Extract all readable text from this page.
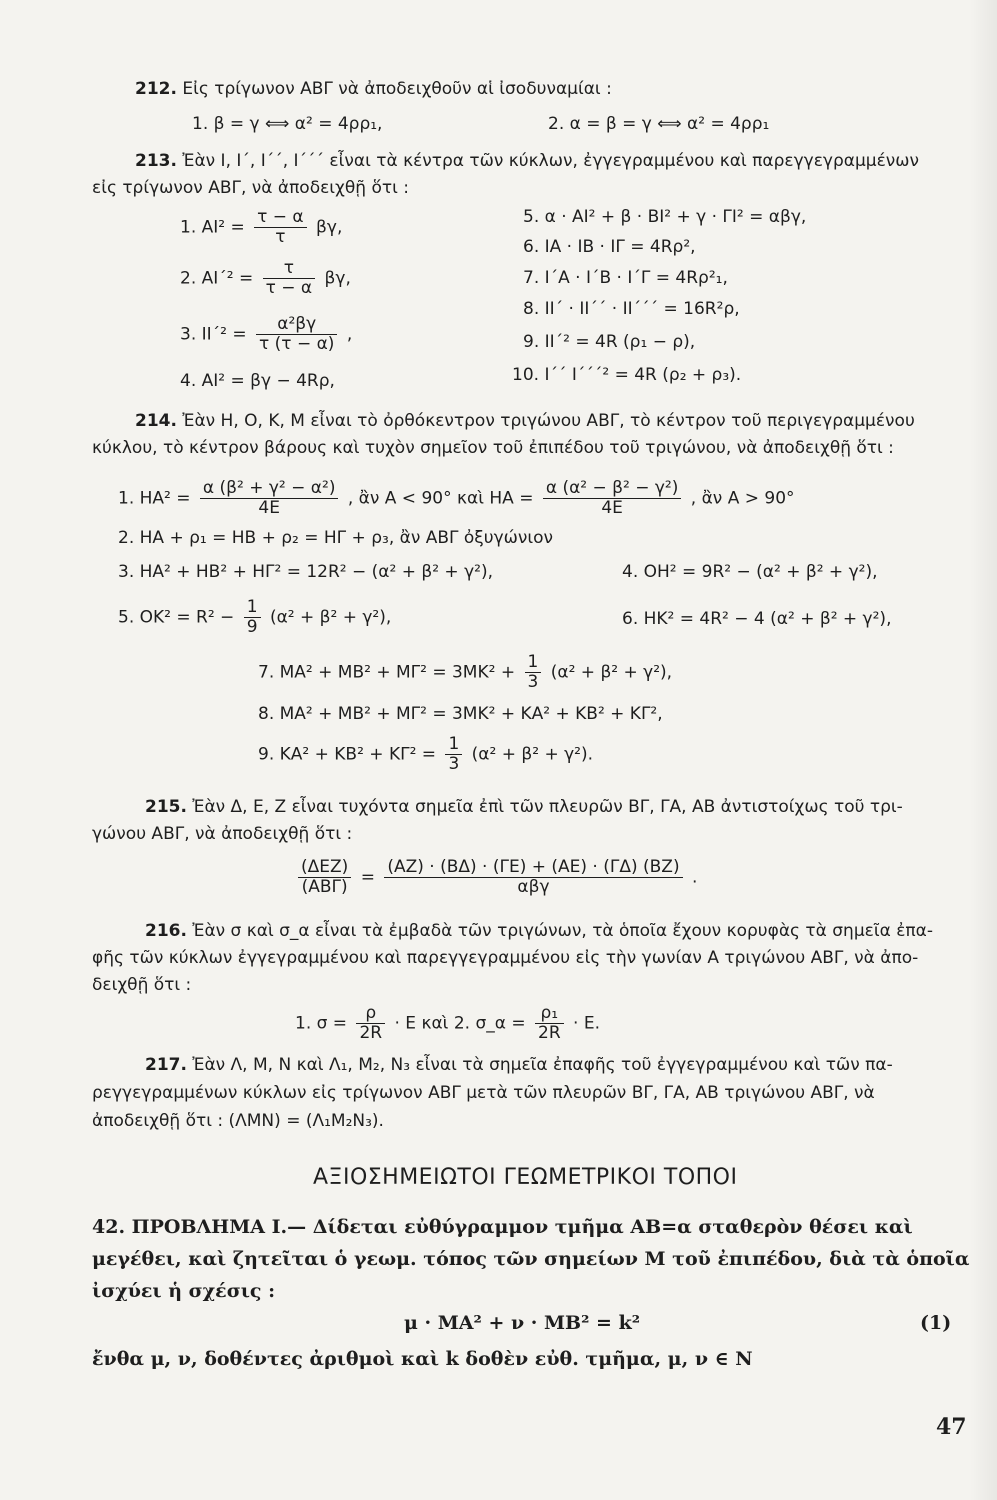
212. Εἰς τρίγωνον ΑΒΓ νὰ ἀποδειχθοῦν αἱ ἰσοδυναμίαι :
1. β = γ ⟺ α² = 4ρρ₁,	2. α = β = γ ⟺ α² = 4ρρ₁
213. Ἐὰν Ι, Ι΄, Ι΄΄, Ι΄΄΄ εἶναι τὰ κέντρα τῶν κύκλων, ἐγγεγραμμένου καὶ παρεγγεγραμμένων
εἰς τρίγωνον ΑΒΓ, νὰ ἀποδειχθῇ ὅτι :
1. $AI^2 = \frac{\tau - \alpha}{\tau} \beta\gamma$,
2. $AI΄^2 = \frac{\tau}{\tau - \alpha} \beta\gamma$,
3. $II΄^2 = \frac{\text{α²βγ}}{\tau (\tau - \alpha)}$ ,
4. ΑΙ² = βγ − 4Rρ,
5. α · ΑΙ² + β · ΒΙ² + γ · ΓΙ² = αβγ,
6. ΙΑ · ΙΒ · ΙΓ = 4Rρ²,
7. Ι΄Α · Ι΄Β · Ι΄Γ = 4Rρ²₁,
8. ΙΙ΄ · ΙΙ΄΄ · ΙΙ΄΄΄ = 16R²ρ,
9. ΙΙ΄² = 4R (ρ₁ − ρ),
10. Ι΄΄ Ι΄΄΄² = 4R (ρ₂ + ρ₃).
214. Ἐὰν Η, Ο, Κ, Μ εἶναι τὸ ὀρθόκεντρον τριγώνου ΑΒΓ, τὸ κέντρον τοῦ περιγεγραμμένου
κύκλου, τὸ κέντρον βάρους καὶ τυχὸν σημεῖον τοῦ ἐπιπέδου τοῦ τριγώνου, νὰ ἀποδειχθῇ ὅτι :
1. $HA^2 = \frac{\text{α (β² + γ² − α²)}}{4E}$ , ἂν Α < 90° καὶ $HA = \frac{\text{α (α² − β² − γ²)}}{4E}$ , ἂν Α > 90°
2. ΗΑ + ρ₁ = ΗΒ + ρ₂ = ΗΓ + ρ₃, ἂν ΑΒΓ ὀξυγώνιον
3. ΗΑ² + ΗΒ² + ΗΓ² = 12R² − (α² + β² + γ²),	4. ΟΗ² = 9R² − (α² + β² + γ²),
5. $OK^2 = R^2 - \frac{1}{9} (\alpha^2 + \beta^2 + \gamma^2)$,	6. ΗΚ² = 4R² − 4 (α² + β² + γ²),
7. $MA^2 + MB^2 + M\Gamma^2 = 3MK^2 + \frac{1}{3} (\alpha^2 + \beta^2 + \gamma^2)$,
8. ΜΑ² + ΜΒ² + ΜΓ² = 3ΜΚ² + ΚΑ² + ΚΒ² + ΚΓ²,
9. $KA^2 + KB^2 + K\Gamma^2 = \frac{1}{3} (\alpha^2 + \beta^2 + \gamma^2)$.
215. Ἐὰν Δ, Ε, Ζ εἶναι τυχόντα σημεῖα ἐπὶ τῶν πλευρῶν ΒΓ, ΓΑ, ΑΒ ἀντιστοίχως τοῦ τρι-
γώνου ΑΒΓ, νὰ ἀποδειχθῇ ὅτι :
(ΔΕΖ)
(ΑΒΓ) =
(ΑΖ) · (ΒΔ) · (ΓΕ) + (ΑΕ) · (ΓΔ) (ΒΖ)
αβγ	.
216. Ἐὰν σ καὶ σ_α εἶναι τὰ ἐμβαδὰ τῶν τριγώνων, τὰ ὁποῖα ἔχουν κορυφὰς τὰ σημεῖα ἐπα-
φῆς τῶν κύκλων ἐγγεγραμμένου καὶ παρεγγεγραμμένου εἰς τὴν γωνίαν Α τριγώνου ΑΒΓ, νὰ ἀπο-
δειχθῇ ὅτι :
1. $\sigma = \frac{\rho}{2R} \cdot E$ καὶ 2. σ_α = $\frac{\text{ρ₁}}{2R} \cdot E$.
217. Ἐὰν Λ, Μ, Ν καὶ Λ₁, Μ₂, Ν₃ εἶναι τὰ σημεῖα ἐπαφῆς τοῦ ἐγγεγραμμένου καὶ τῶν πα-
ρεγγεγραμμένων κύκλων εἰς τρίγωνον ΑΒΓ μετὰ τῶν πλευρῶν ΒΓ, ΓΑ, ΑΒ τριγώνου ΑΒΓ, νὰ
ἀποδειχθῇ ὅτι : (ΛΜΝ) = (Λ₁Μ₂Ν₃).
ΑΞΙΟΣΗΜΕΙΩΤΟΙ ΓΕΩΜΕΤΡΙΚΟΙ ΤΟΠΟΙ
42. ΠΡΟΒΛΗΜΑ Ι.— Δίδεται εὐθύγραμμον τμῆμα ΑΒ=α σταθερὸν θέσει καὶ
μεγέθει, καὶ ζητεῖται ὁ γεωμ. τόπος τῶν σημείων Μ τοῦ ἐπιπέδου, διὰ τὰ ὁποῖα
ἰσχύει ἡ σχέσις :
μ · ΜΑ² + ν · ΜΒ² = k²	(1)
ἔνθα μ, ν, δοθέντες ἀριθμοὶ καὶ k δοθὲν εὐθ. τμῆμα, μ, ν ∈ Ν
47
